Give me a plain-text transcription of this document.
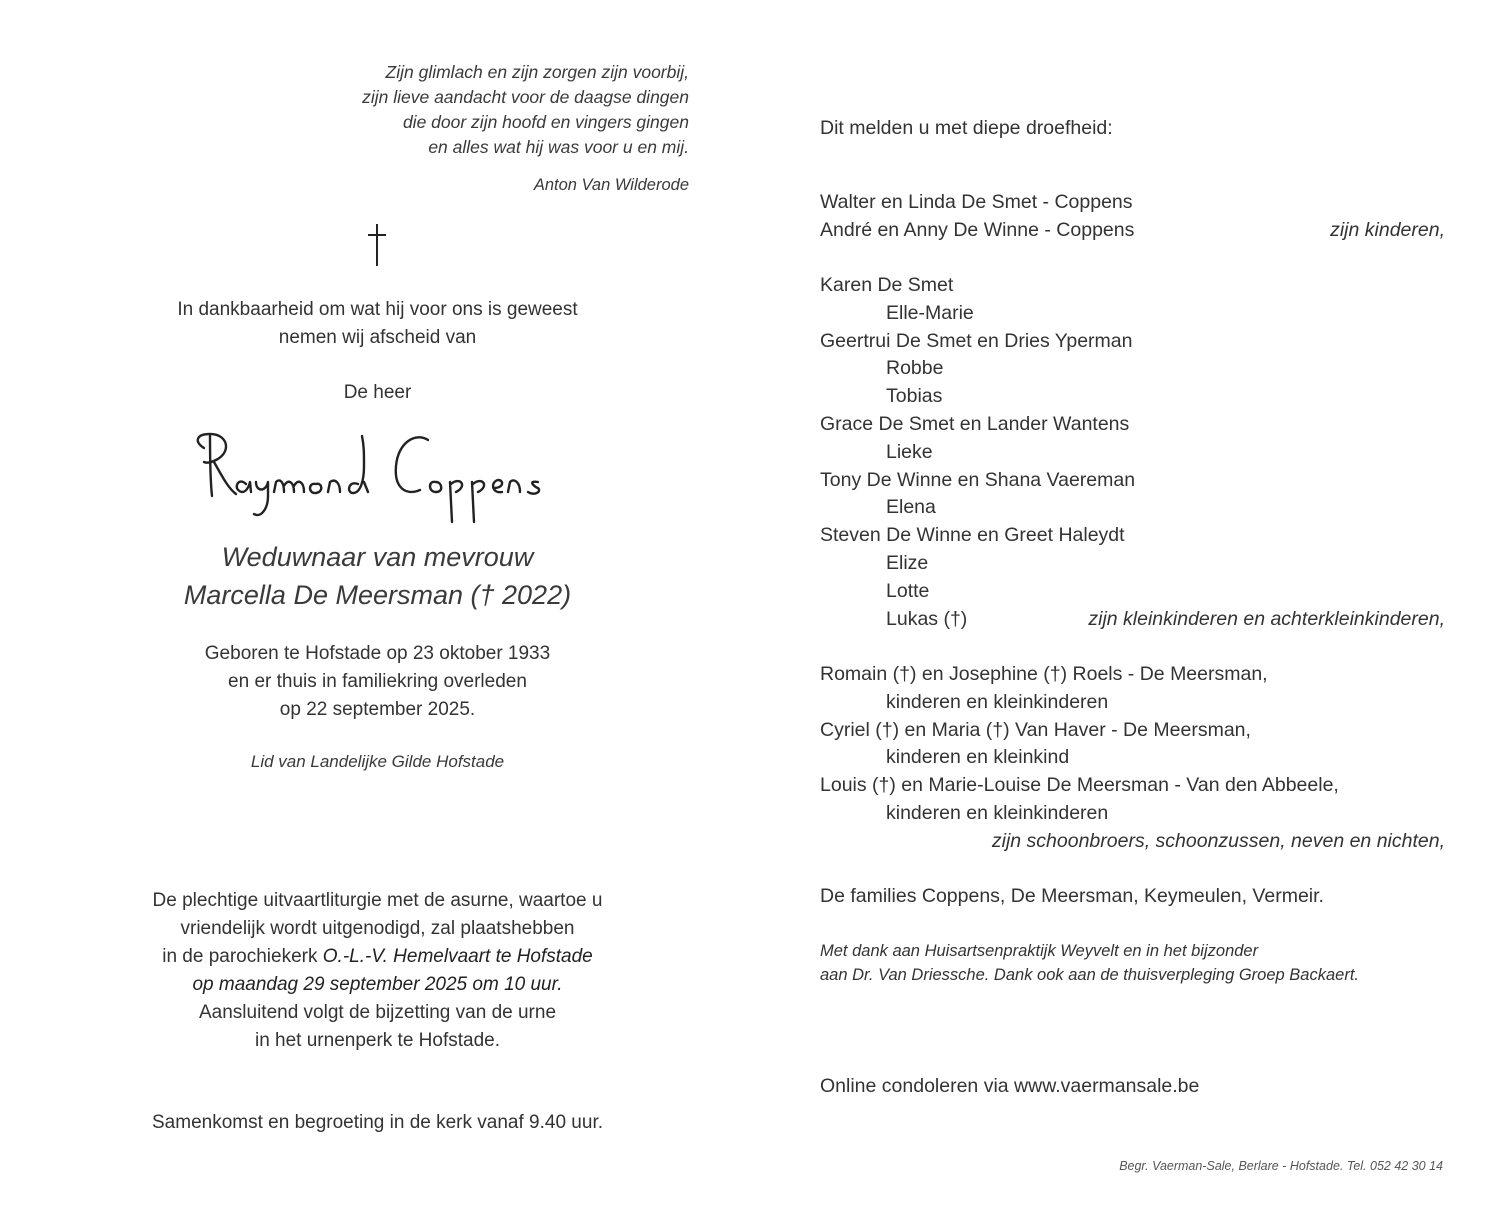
Zijn glimlach en zijn zorgen zijn voorbij,
zijn lieve aandacht voor de daagse dingen
die door zijn hoofd en vingers gingen
en alles wat hij was voor u en mij.
Anton Van Wilderode
In dankbaarheid om wat hij voor ons is geweest
nemen wij afscheid van
De heer
Weduwnaar van mevrouw
Marcella De Meersman († 2022)
Geboren te Hofstade op 23 oktober 1933
en er thuis in familiekring overleden
op 22 september 2025.
Lid van Landelijke Gilde Hofstade
De plechtige uitvaartliturgie met de asurne, waartoe u
vriendelijk wordt uitgenodigd, zal plaatshebben
in de parochiekerk O.-L.-V. Hemelvaart te Hofstade
op maandag 29 september 2025 om 10 uur.
Aansluitend volgt de bijzetting van de urne
in het urnenperk te Hofstade.
Samenkomst en begroeting in de kerk vanaf 9.40 uur.
Dit melden u met diepe droefheid:
Walter en Linda De Smet - Coppens
André en Anny De Winne - Coppens	zijn kinderen,
Karen De Smet
Elle-Marie
Geertrui De Smet en Dries Yperman
Robbe
Tobias
Grace De Smet en Lander Wantens
Lieke
Tony De Winne en Shana Vaereman
Elena
Steven De Winne en Greet Haleydt
Elize
Lotte
Lukas (†)	zijn kleinkinderen en achterkleinkinderen,
Romain (†) en Josephine (†) Roels - De Meersman,
kinderen en kleinkinderen
Cyriel (†) en Maria (†) Van Haver - De Meersman,
kinderen en kleinkind
Louis (†) en Marie-Louise De Meersman - Van den Abbeele,
kinderen en kleinkinderen
zijn schoonbroers, schoonzussen, neven en nichten,
De families Coppens, De Meersman, Keymeulen, Vermeir.
Met dank aan Huisartsenpraktijk Weyvelt en in het bijzonder
aan Dr. Van Driessche. Dank ook aan de thuisverpleging Groep Backaert.
Online condoleren via www.vaermansale.be
Begr. Vaerman-Sale, Berlare - Hofstade. Tel. 052 42 30 14
